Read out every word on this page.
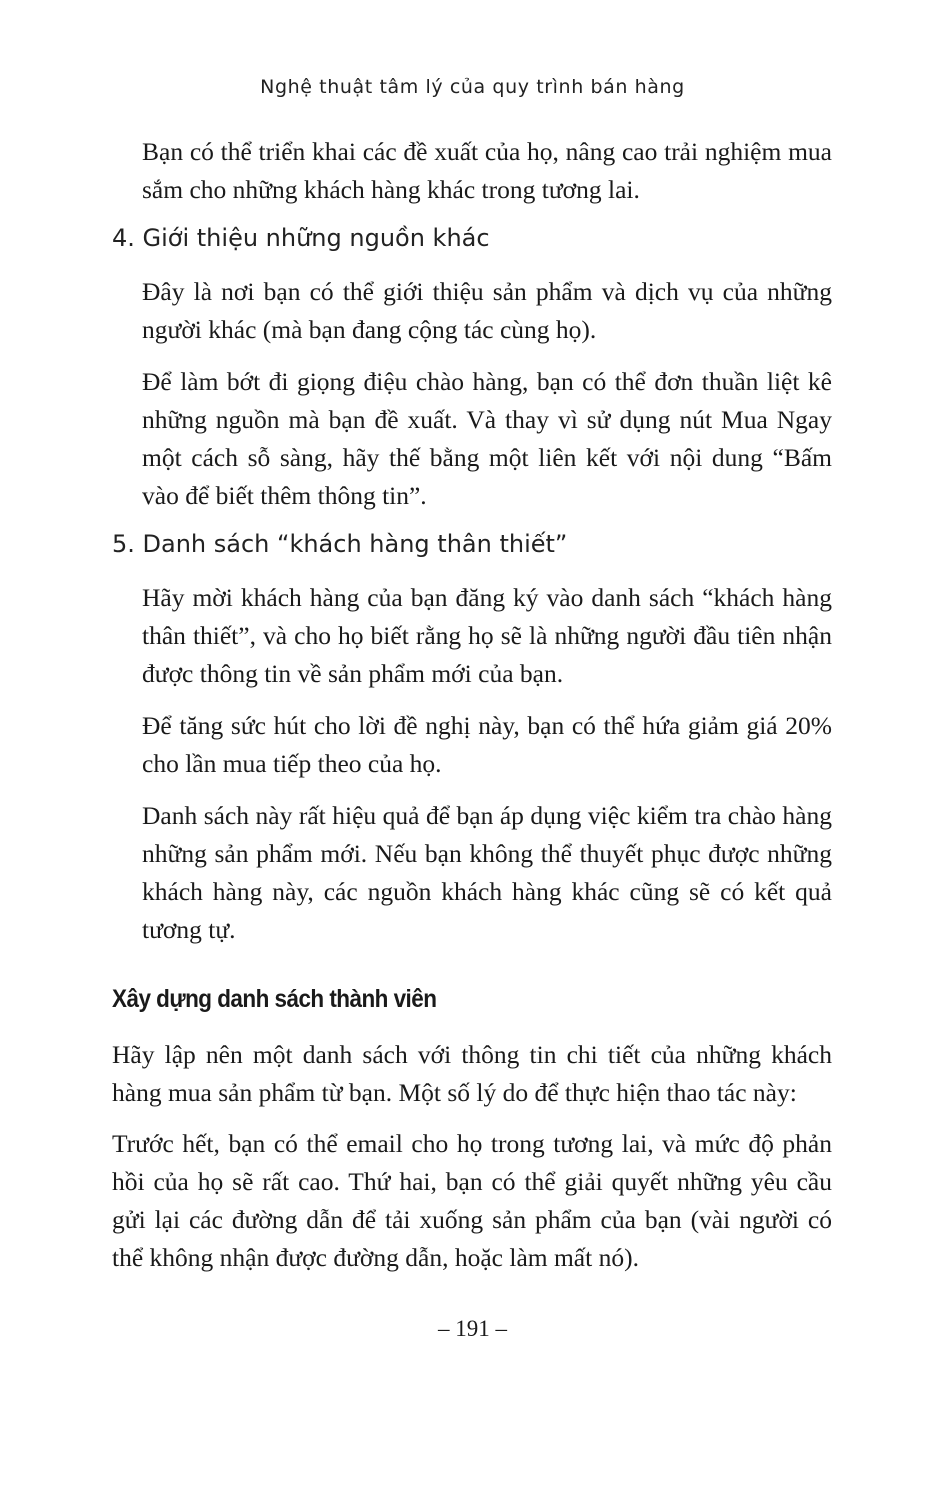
Nghệ thuật tâm lý của quy trình bán hàng

Bạn có thể triển khai các đề xuất của họ, nâng cao trải nghiệm mua sắm cho những khách hàng khác trong tương lai.

4. Giới thiệu những nguồn khác

Đây là nơi bạn có thể giới thiệu sản phẩm và dịch vụ của những người khác (mà bạn đang cộng tác cùng họ).

Để làm bớt đi giọng điệu chào hàng, bạn có thể đơn thuần liệt kê những nguồn mà bạn đề xuất. Và thay vì sử dụng nút Mua Ngay một cách sỗ sàng, hãy thế bằng một liên kết với nội dung “Bấm vào để biết thêm thông tin”.

5. Danh sách “khách hàng thân thiết”

Hãy mời khách hàng của bạn đăng ký vào danh sách “khách hàng thân thiết”, và cho họ biết rằng họ sẽ là những người đầu tiên nhận được thông tin về sản phẩm mới của bạn.

Để tăng sức hút cho lời đề nghị này, bạn có thể hứa giảm giá 20% cho lần mua tiếp theo của họ.

Danh sách này rất hiệu quả để bạn áp dụng việc kiểm tra chào hàng những sản phẩm mới. Nếu bạn không thể thuyết phục được những khách hàng này, các nguồn khách hàng khác cũng sẽ có kết quả tương tự.

Xây dựng danh sách thành viên

Hãy lập nên một danh sách với thông tin chi tiết của những khách hàng mua sản phẩm từ bạn. Một số lý do để thực hiện thao tác này:

Trước hết, bạn có thể email cho họ trong tương lai, và mức độ phản hồi của họ sẽ rất cao. Thứ hai, bạn có thể giải quyết những yêu cầu gửi lại các đường dẫn để tải xuống sản phẩm của bạn (vài người có thể không nhận được đường dẫn, hoặc làm mất nó).

– 191 –
